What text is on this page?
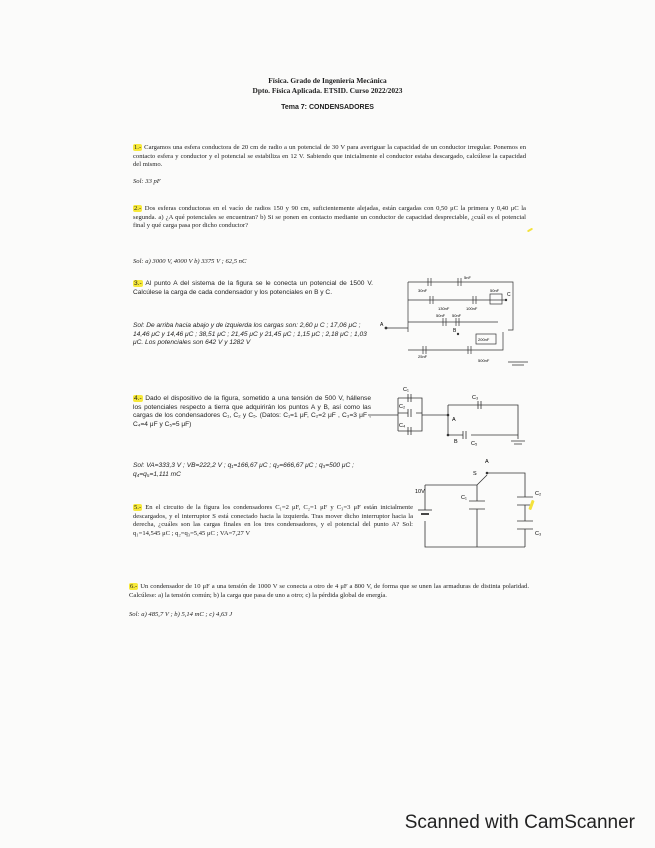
Física. Grado de Ingeniería Mecánica
Dpto. Física Aplicada. ETSID. Curso 2022/2023
Tema 7: CONDENSADORES
1.- Cargamos una esfera conductora de 20 cm de radio a un potencial de 30 V para averiguar la capacidad de un conductor irregular. Ponemos en contacto esfera y conductor y el potencial se estabiliza en 12 V. Sabiendo que inicialmente el conductor estaba descargado, calcúlese la capacidad del mismo.
Sol: 33 pF
2.- Dos esferas conductoras en el vacío de radios 150 y 90 cm, suficientemente alejadas, están cargadas con 0,50 μC la primera y 0,40 μC la segunda. a) ¿A qué potenciales se encuentran? b) Si se ponen en contacto mediante un conductor de capacidad despreciable, ¿cuál es el potencial final y qué carga pasa por dicho conductor?
Sol: a) 3000 V, 4000 V b) 3375 V ; 62,5 nC
3.- Al punto A del sistema de la figura se le conecta un potencial de 1500 V. Calcúlese la carga de cada condensador y los potenciales en B y C.
Sol: De arriba hacia abajo y de izquierda los cargas son: 2,60 μ C ; 17,06 μC ; 14,46 μC y 14,46 μC ; 38,51 μC ; 21,45 μC y 21,45 μC ; 1,15 μC ; 2,18 μC ; 1,03 μC. Los potenciales son 642 V y 1282 V
A
B
C
30nF
5nF
130nF	100nF
50nF 50nF
50nF
25nF
200nF
500nF
4.- Dado el dispositivo de la figura, sometido a una tensión de 500 V, hállense los potenciales respecto a tierra que adquirirán los puntos A y B, así como las cargas de los condensadores C₁, C₂ y C₅. (Datos: C₁=1 μF, C₂=2 μF , C₃=3 μF , C₄=4 μF y C₅=5 μF)
Sol: VA=333,3 V ; VB=222,2 V ; q₁=166,67 μC ; q₂=666,67 μC ; q₃=500 μC ; q₄=q₅=1,111 mC
C₁
C₂
C₃
C₄
C₅
A
B
5.- En el circuito de la figura los condensadores C₁=2 μF, C₂=1 μF y C₃=3 μF están inicialmente descargados, y el interruptor S está conectado hacia la izquierda. Tras mover dicho interruptor hacia la derecha, ¿cuáles son las cargas finales en los tres condensadores, y el potencial del punto A? Sol: q₁=14,545 μC ; q₂=q₃=5,45 μC ; VA=7,27 V
10V
S
A
C₁
C₂
C₃
6.- Un condensador de 10 μF a una tensión de 1000 V se conecta a otro de 4 μF a 800 V, de forma que se unen las armaduras de distinta polaridad. Calcúlese: a) la tensión común; b) la carga que pasa de uno a otro; c) la pérdida global de energía.
Sol: a) 485,7 V ; b) 5,14 mC ; c) 4,63 J
Scanned with CamScanner
